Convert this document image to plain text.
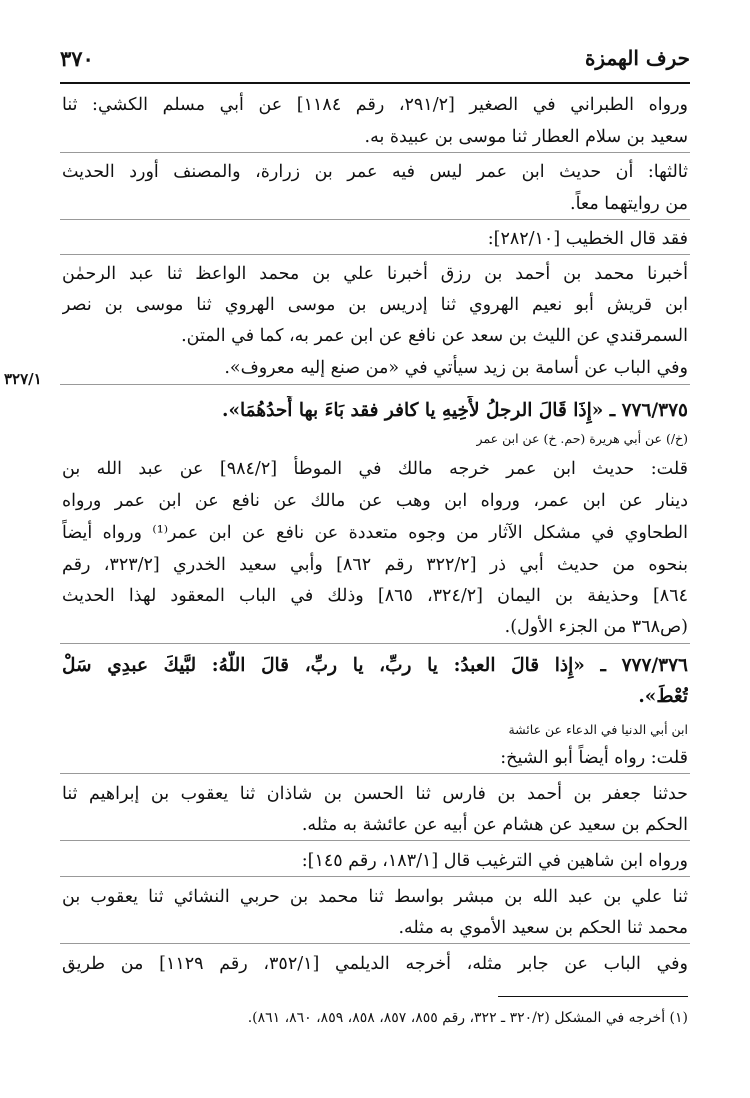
حرف الهمزة
٣٧٠
٣٢٧/١
ورواه الطبراني في الصغير [٢٩١/٢، رقم ١١٨٤] عن أبي مسلم الكشي: ثنا
سعيد بن سلام العطار ثنا موسى بن عبيدة به.
ثالثها: أن حديث ابن عمر ليس فيه عمر بن زرارة، والمصنف أورد الحديث
من روايتهما معاً.
فقد قال الخطيب [٢٨٢/١٠]:
أخبرنا محمد بن أحمد بن رزق أخبرنا علي بن محمد الواعظ ثنا عبد الرحمٰن
ابن قريش أبو نعيم الهروي ثنا إدريس بن موسى الهروي ثنا موسى بن نصر
السمرقندي عن الليث بن سعد عن نافع عن ابن عمر به، كما في المتن.
وفي الباب عن أسامة بن زيد سيأتي في «من صنع إليه معروف».
٧٧٦/٣٧٥ ـ «إِذَا قَالَ الرجلُ لأَخِيهِ يا كافر فقد بَاءَ بها أَحدُهُمَا».
(خ/) عن أبي هريرة (حم. خ) عن ابن عمر
قلت: حديث ابن عمر خرجه مالك في الموطأ [٩٨٤/٢] عن عبد الله بن
دينار عن ابن عمر، ورواه ابن وهب عن مالك عن نافع عن ابن عمر ورواه
الطحاوي في مشكل الآثار من وجوه متعددة عن نافع عن ابن عمر⁽¹⁾ ورواه أيضاً
بنحوه من حديث أبي ذر [٣٢٢/٢ رقم ٨٦٢] وأبي سعيد الخدري [٣٢٣/٢، رقم
٨٦٤] وحذيفة بن اليمان [٣٢٤/٢، ٨٦٥] وذلك في الباب المعقود لهذا الحديث
(ص٣٦٨ من الجزء الأول).
٧٧٧/٣٧٦ ـ «إِذا قالَ العبدُ: يا ربِّ، يا ربِّ، قالَ اللَّهُ: لبَّيكَ عبدِي سَلْ
تُعْطَ».
ابن أبي الدنيا في الدعاء عن عائشة
قلت: رواه أيضاً أبو الشيخ:
حدثنا جعفر بن أحمد بن فارس ثنا الحسن بن شاذان ثنا يعقوب بن إبراهيم ثنا
الحكم بن سعيد عن هشام عن أبيه عن عائشة به مثله.
ورواه ابن شاهين في الترغيب قال [١٨٣/١، رقم ١٤٥]:
ثنا علي بن عبد الله بن مبشر بواسط ثنا محمد بن حربي النشائي ثنا يعقوب بن
محمد ثنا الحكم بن سعيد الأموي به مثله.
وفي الباب عن جابر مثله، أخرجه الديلمي [٣٥٢/١، رقم ١١٢٩] من طريق
(١) أخرجه في المشكل (٣٢٠/٢ ـ ٣٢٢، رقم ٨٥٥، ٨٥٧، ٨٥٨، ٨٥٩، ٨٦٠، ٨٦١).
